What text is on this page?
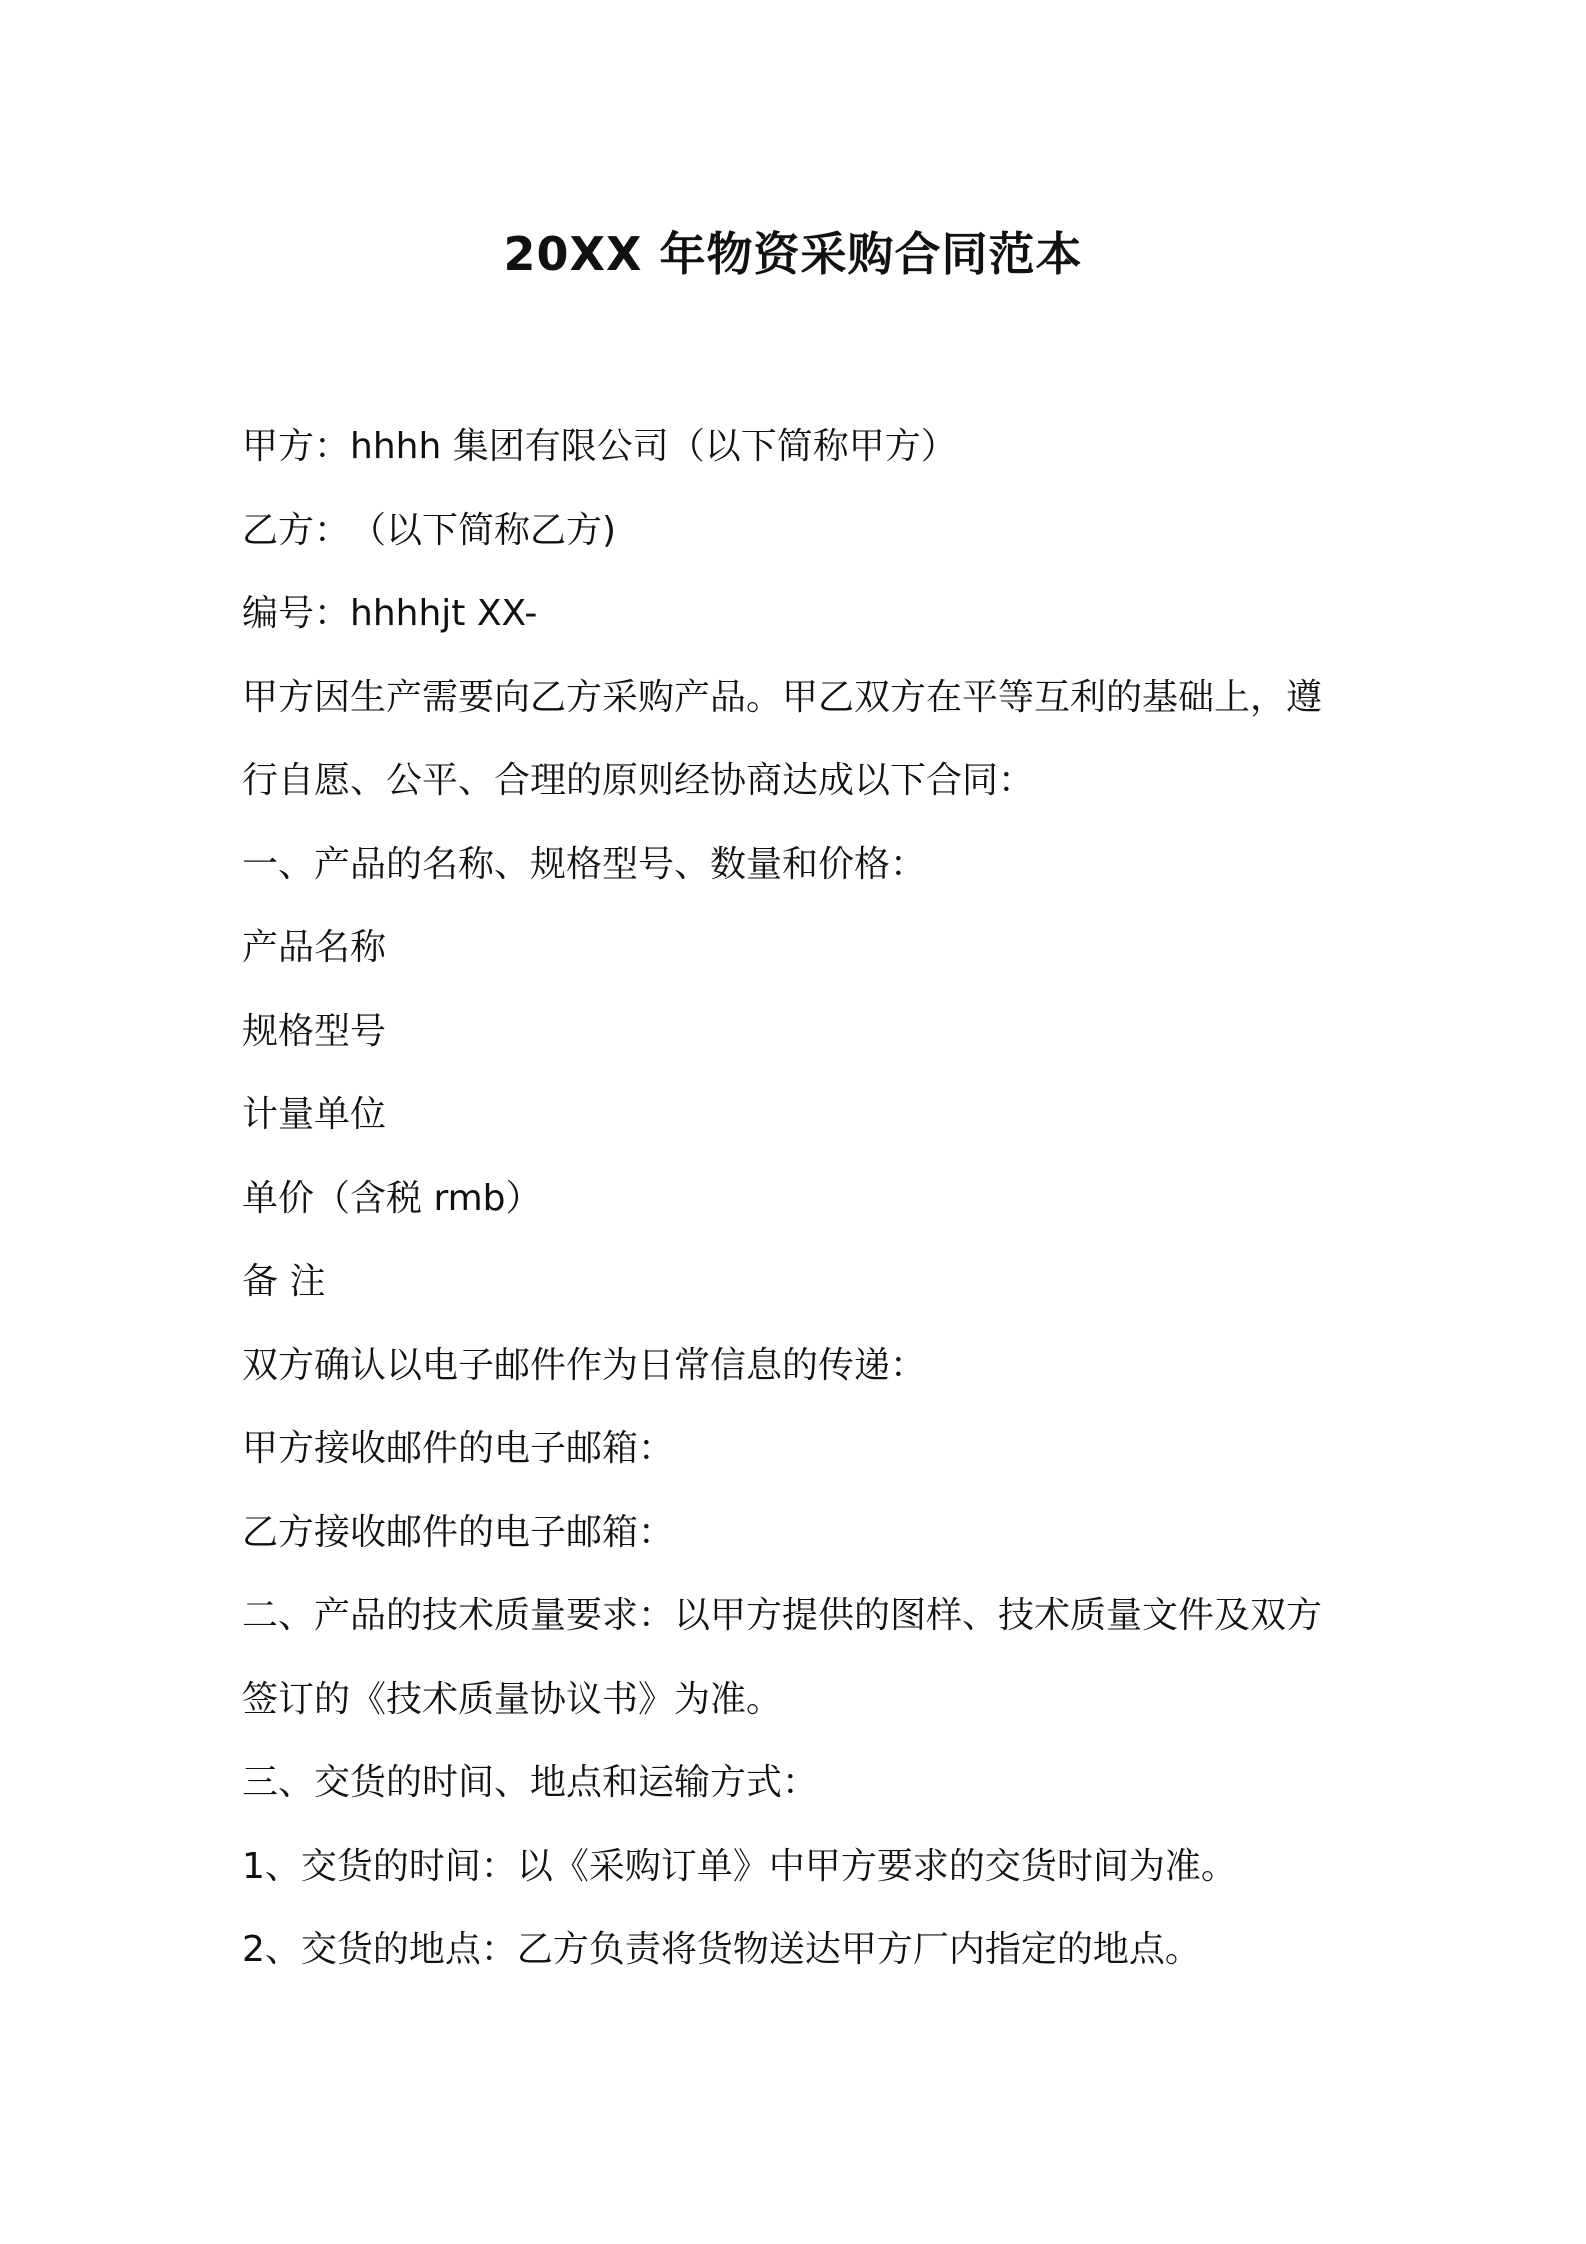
20XX 年物资采购合同范本
甲方：hhhh 集团有限公司（以下简称甲方）
乙方：　（以下简称乙方)
编号：hhhhjt XX-
甲方因生产需要向乙方采购产品。甲乙双方在平等互利的基础上，遵
行自愿、公平、合理的原则经协商达成以下合同：
一、产品的名称、规格型号、数量和价格：
产品名称
规格型号
计量单位
单价（含税 rmb）
备 注
双方确认以电子邮件作为日常信息的传递：
甲方接收邮件的电子邮箱：
乙方接收邮件的电子邮箱：
二、产品的技术质量要求：以甲方提供的图样、技术质量文件及双方
签订的《技术质量协议书》为准。
三、交货的时间、地点和运输方式：
1、交货的时间：以《采购订单》中甲方要求的交货时间为准。
2、交货的地点：乙方负责将货物送达甲方厂内指定的地点。
